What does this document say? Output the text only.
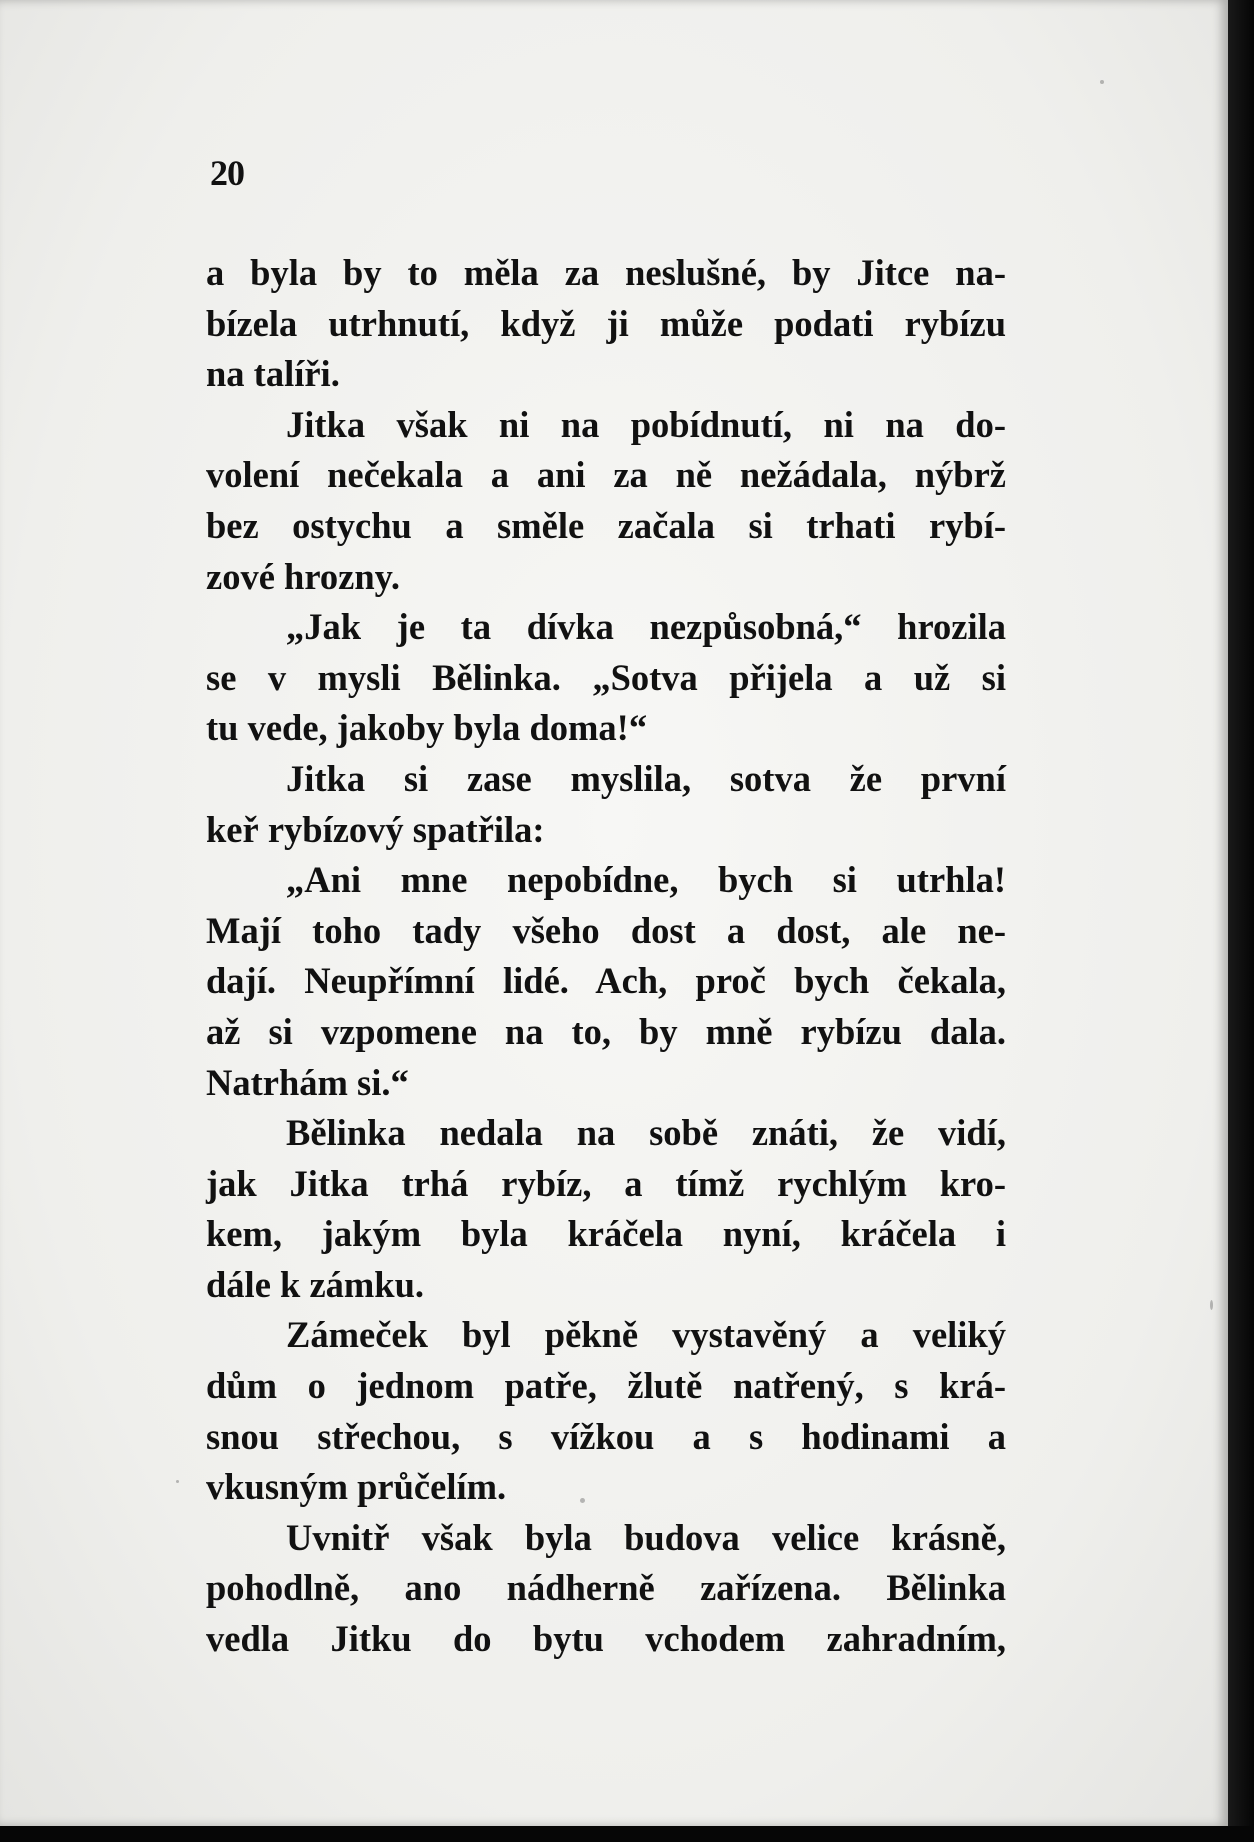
20
a byla by to měla za neslušné, by Jitce na-
bízela utrhnutí, když ji může podati rybízu
na talíři.
Jitka však ni na pobídnutí, ni na do-
volení nečekala a ani za ně nežádala, nýbrž
bez ostychu a směle začala si trhati rybí-
zové hrozny.
„Jak je ta dívka nezpůsobná,“ hrozila
se v mysli Bělinka. „Sotva přijela a už si
tu vede, jakoby byla doma!“
Jitka si zase myslila, sotva že první
keř rybízový spatřila:
„Ani mne nepobídne, bych si utrhla!
Mají toho tady všeho dost a dost, ale ne-
dají. Neupřímní lidé. Ach, proč bych čekala,
až si vzpomene na to, by mně rybízu dala.
Natrhám si.“
Bělinka nedala na sobě znáti, že vidí,
jak Jitka trhá rybíz, a tímž rychlým kro-
kem, jakým byla kráčela nyní, kráčela i
dále k zámku.
Zámeček byl pěkně vystavěný a veliký
dům o jednom patře, žlutě natřený, s krá-
snou střechou, s vížkou a s hodinami a
vkusným průčelím.
Uvnitř však byla budova velice krásně,
pohodlně, ano nádherně zařízena. Bělinka
vedla Jitku do bytu vchodem zahradním,
